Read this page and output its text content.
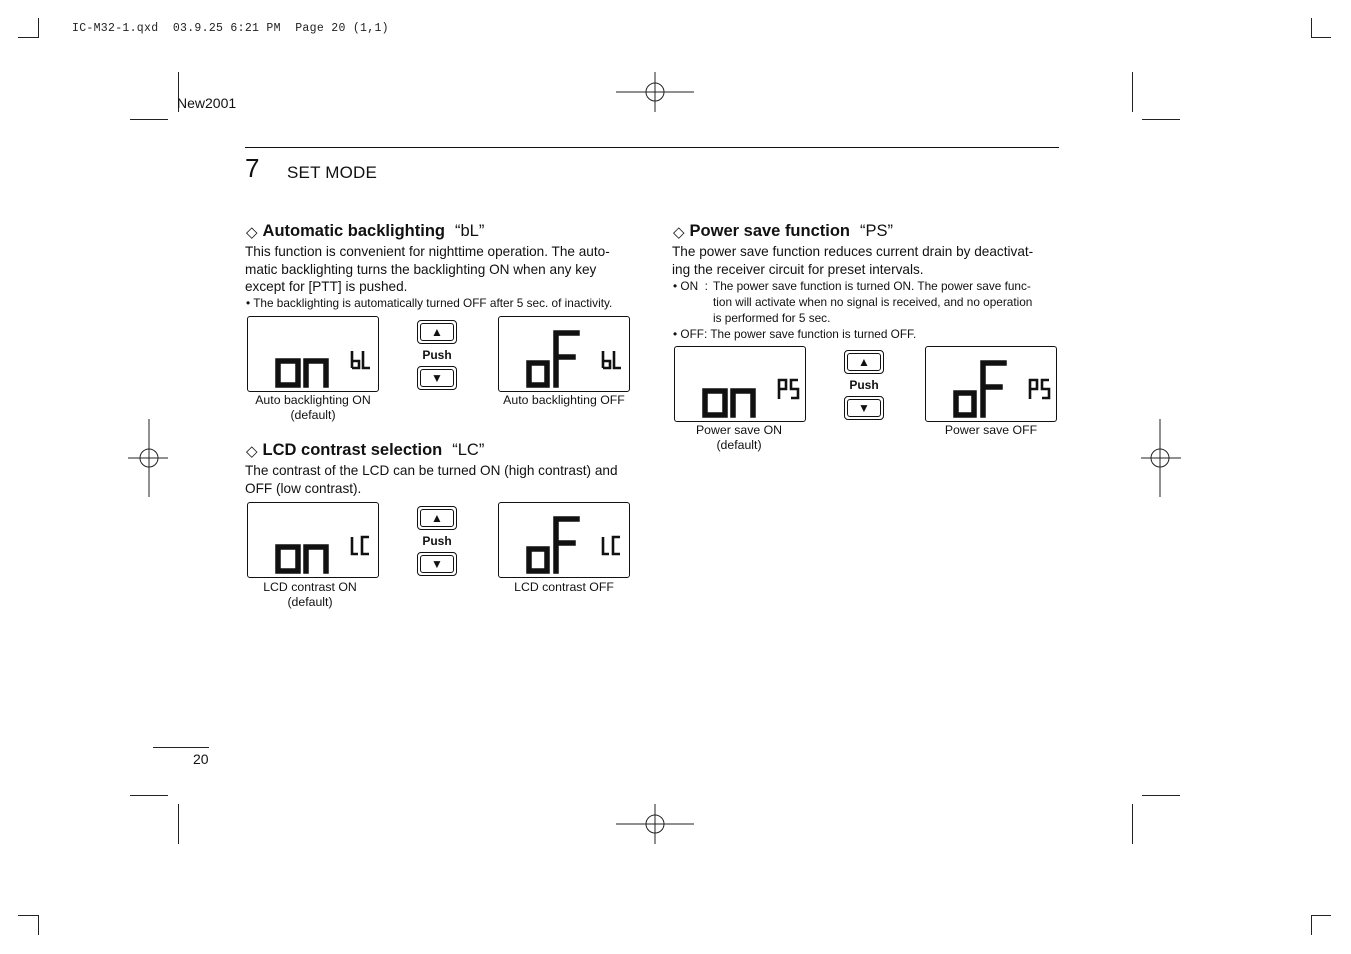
IC-M32-1.qxd  03.9.25 6:21 PM  Page 20 (1,1)
New2001
7 SET MODE
◇ Automatic backlighting “bL”
This function is convenient for nighttime operation. The auto-
matic backlighting turns the backlighting ON when any key
except for [PTT] is pushed.
• The backlighting is automatically turned OFF after 5 sec. of inactivity.
▲
Push
▼
Auto backlighting ON
(default)
Auto backlighting OFF
◇ LCD contrast selection “LC”
The contrast of the LCD can be turned ON (high contrast) and
OFF (low contrast).
▲
Push
▼
LCD contrast ON
(default)
LCD contrast OFF
◇ Power save function “PS”
The power save function reduces current drain by deactivat-
ing the receiver circuit for preset intervals.
• ON  : The power save function is turned ON. The power save func-
tion will activate when no signal is received, and no operation
is performed for 5 sec.
• OFF: The power save function is turned OFF.
▲
Push
▼
Power save ON
(default)
Power save OFF
20
